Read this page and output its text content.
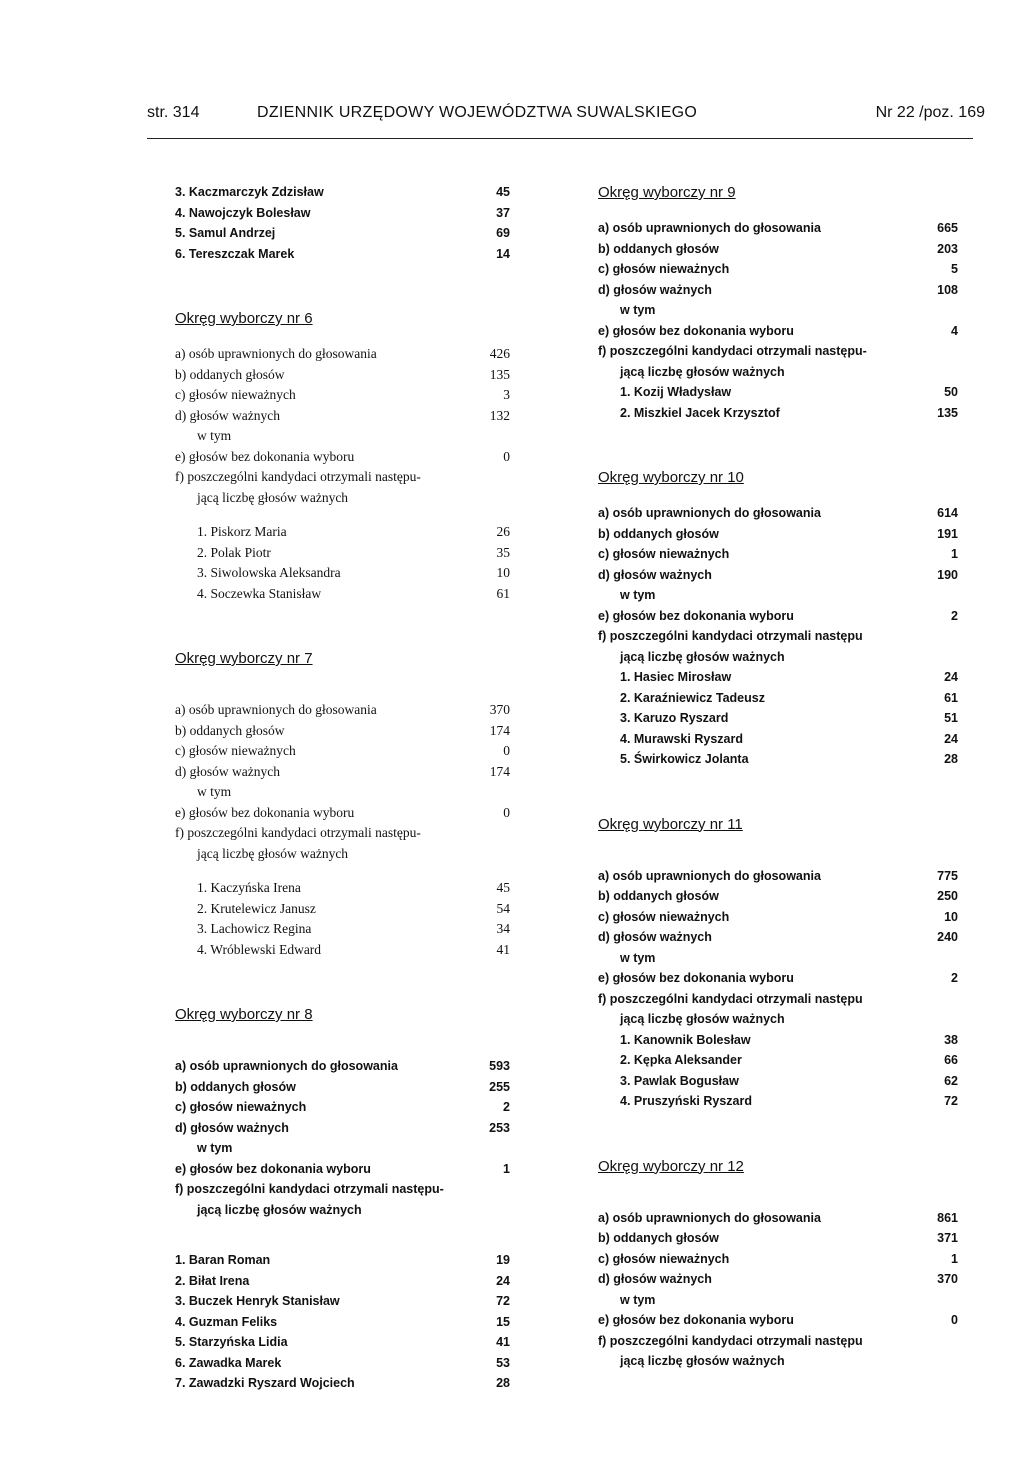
str. 314	DZIENNIK URZĘDOWY WOJEWÓDZTWA SUWALSKIEGO	Nr 22 /poz. 169
3. Kaczmarczyk Zdzisław	45
4. Nawojczyk Bolesław	37
5. Samul Andrzej	69
6. Tereszczak Marek	14
Okręg wyborczy nr 6
a) osób uprawnionych do głosowania	426
b) oddanych głosów	135
c) głosów nieważnych	3
d) głosów ważnych	132
w tym
e) głosów bez dokonania wyboru	0
f) poszczególni kandydaci otrzymali następu-
jącą liczbę głosów ważnych
1. Piskorz Maria	26
2. Polak Piotr	35
3. Siwolowska Aleksandra	10
4. Soczewka Stanisław	61
Okręg wyborczy nr 7
a) osób uprawnionych do głosowania	370
b) oddanych głosów	174
c) głosów nieważnych	0
d) głosów ważnych	174
w tym
e) głosów bez dokonania wyboru	0
f) poszczególni kandydaci otrzymali następu-
jącą liczbę głosów ważnych
1. Kaczyńska Irena	45
2. Krutelewicz Janusz	54
3. Lachowicz Regina	34
4. Wróblewski Edward	41
Okręg wyborczy nr 8
a) osób uprawnionych do głosowania	593
b) oddanych głosów	255
c) głosów nieważnych	2
d) głosów ważnych	253
w tym
e) głosów bez dokonania wyboru	1
f) poszczególni kandydaci otrzymali następu-
jącą liczbę głosów ważnych
1. Baran Roman	19
2. Biłat Irena	24
3. Buczek Henryk Stanisław	72
4. Guzman Feliks	15
5. Starzyńska Lidia	41
6. Zawadka Marek	53
7. Zawadzki Ryszard Wojciech	28
Okręg wyborczy nr 9
a) osób uprawnionych do głosowania	665
b) oddanych głosów	203
c) głosów nieważnych	5
d) głosów ważnych	108
w tym
e) głosów bez dokonania wyboru	4
f) poszczególni kandydaci otrzymali następu-
jącą liczbę głosów ważnych
1. Kozij Władysław	50
2. Miszkiel Jacek Krzysztof	135
Okręg wyborczy nr 10
a) osób uprawnionych do głosowania	614
b) oddanych głosów	191
c) głosów nieważnych	1
d) głosów ważnych	190
w tym
e) głosów bez dokonania wyboru	2
f) poszczególni kandydaci otrzymali następu
jącą liczbę głosów ważnych
1. Hasiec Mirosław	24
2. Karaźniewicz Tadeusz	61
3. Karuzo Ryszard	51
4. Murawski Ryszard	24
5. Świrkowicz Jolanta	28
Okręg wyborczy nr 11
a) osób uprawnionych do głosowania	775
b) oddanych głosów	250
c) głosów nieważnych	10
d) głosów ważnych	240
w tym
e) głosów bez dokonania wyboru	2
f) poszczególni kandydaci otrzymali następu
jącą liczbę głosów ważnych
1. Kanownik Bolesław	38
2. Kępka Aleksander	66
3. Pawlak Bogusław	62
4. Pruszyński Ryszard	72
Okręg wyborczy nr 12
a) osób uprawnionych do głosowania	861
b) oddanych głosów	371
c) głosów nieważnych	1
d) głosów ważnych	370
w tym
e) głosów bez dokonania wyboru	0
f) poszczególni kandydaci otrzymali następu
jącą liczbę głosów ważnych
